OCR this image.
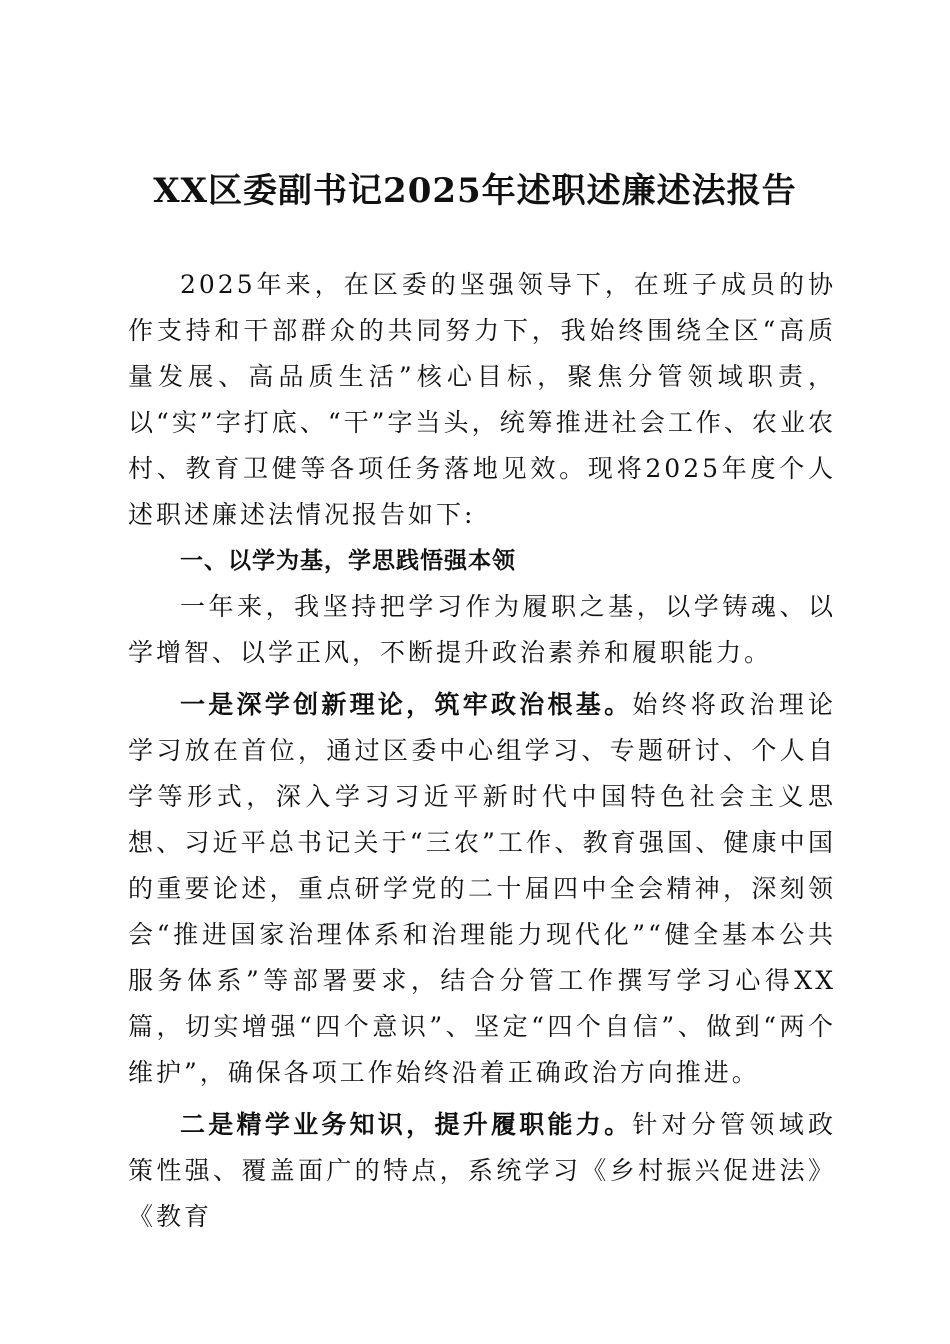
XX区委副书记2025年述职述廉述法报告

2025年来，在区委的坚强领导下，在班子成员的协作支持和干部群众的共同努力下，我始终围绕全区“高质量发展、高品质生活”核心目标，聚焦分管领域职责，以“实”字打底、“干”字当头，统筹推进社会工作、农业农村、教育卫健等各项任务落地见效。现将2025年度个人述职述廉述法情况报告如下:

一、以学为基，学思践悟强本领

一年来，我坚持把学习作为履职之基，以学铸魂、以学增智、以学正风，不断提升政治素养和履职能力。

一是深学创新理论，筑牢政治根基。始终将政治理论学习放在首位，通过区委中心组学习、专题研讨、个人自学等形式，深入学习习近平新时代中国特色社会主义思想、习近平总书记关于“三农”工作、教育强国、健康中国的重要论述，重点研学党的二十届四中全会精神，深刻领会“推进国家治理体系和治理能力现代化”“健全基本公共服务体系”等部署要求，结合分管工作撰写学习心得XX篇，切实增强“四个意识”、坚定“四个自信”、做到“两个维护”，确保各项工作始终沿着正确政治方向推进。

二是精学业务知识，提升履职能力。针对分管领域政策性强、覆盖面广的特点，系统学习《乡村振兴促进法》《教育
